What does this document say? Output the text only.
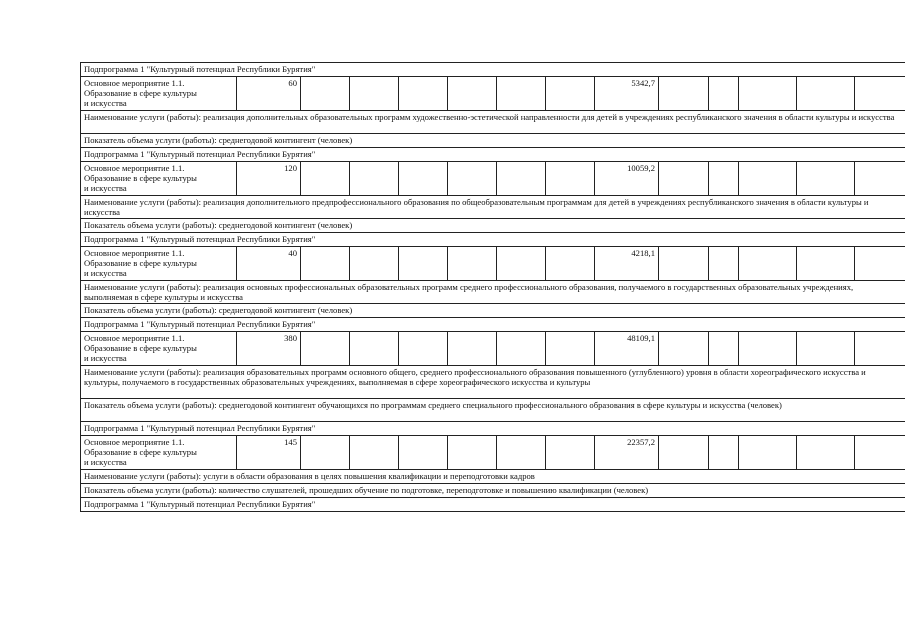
Подпрограмма 1 "Культурный потенциал Республики Бурятия"													
Основное мероприятие 1.1.
Образование в сфере культуры
и искусства	60							5342,7					
Наименование услуги (работы): реализация дополнительных образовательных программ художественно-эстетической направленности для детей в учреждениях республиканского значения в области культуры и искусства													
Показатель объема услуги (работы): среднегодовой контингент (человек)													
Подпрограмма 1 "Культурный потенциал Республики Бурятия"													
Основное мероприятие 1.1.
Образование в сфере культуры
и искусства	120							10059,2					
Наименование услуги (работы): реализация дополнительного предпрофессионального образования по общеобразовательным программам для детей в учреждениях республиканского значения в области культуры и искусства													
Показатель объема услуги (работы): среднегодовой контингент (человек)													
Подпрограмма 1 "Культурный потенциал Республики Бурятия"													
Основное мероприятие 1.1.
Образование в сфере культуры
и искусства	40							4218,1					
Наименование услуги (работы): реализация основных профессиональных образовательных программ среднего профессионального образования, получаемого в государственных образовательных учреждениях, выполняемая в сфере культуры и искусства													
Показатель объема услуги (работы): среднегодовой контингент (человек)													
Подпрограмма 1 "Культурный потенциал Республики Бурятия"													
Основное мероприятие 1.1.
Образование в сфере культуры
и искусства	380							48109,1					
Наименование услуги (работы): реализация образовательных программ основного общего, среднего профессионального образования повышенного (углубленного) уровня в области хореографического искусства и культуры, получаемого в государственных образовательных учреждениях, выполняемая в сфере хореографического искусства и культуры													
Показатель объема услуги (работы): среднегодовой контингент обучающихся по программам среднего специального профессионального образования в сфере культуры и искусства (человек)													
Подпрограмма 1 "Культурный потенциал Республики Бурятия"													
Основное мероприятие 1.1.
Образование в сфере культуры
и искусства	145							22357,2					
Наименование услуги (работы): услуги в области образования в целях повышения квалификации и переподготовки кадров													
Показатель объема услуги (работы): количество слушателей, прошедших обучение по подготовке, переподготовке и повышению квалификации (человек)													
Подпрограмма 1 "Культурный потенциал Республики Бурятия"													
